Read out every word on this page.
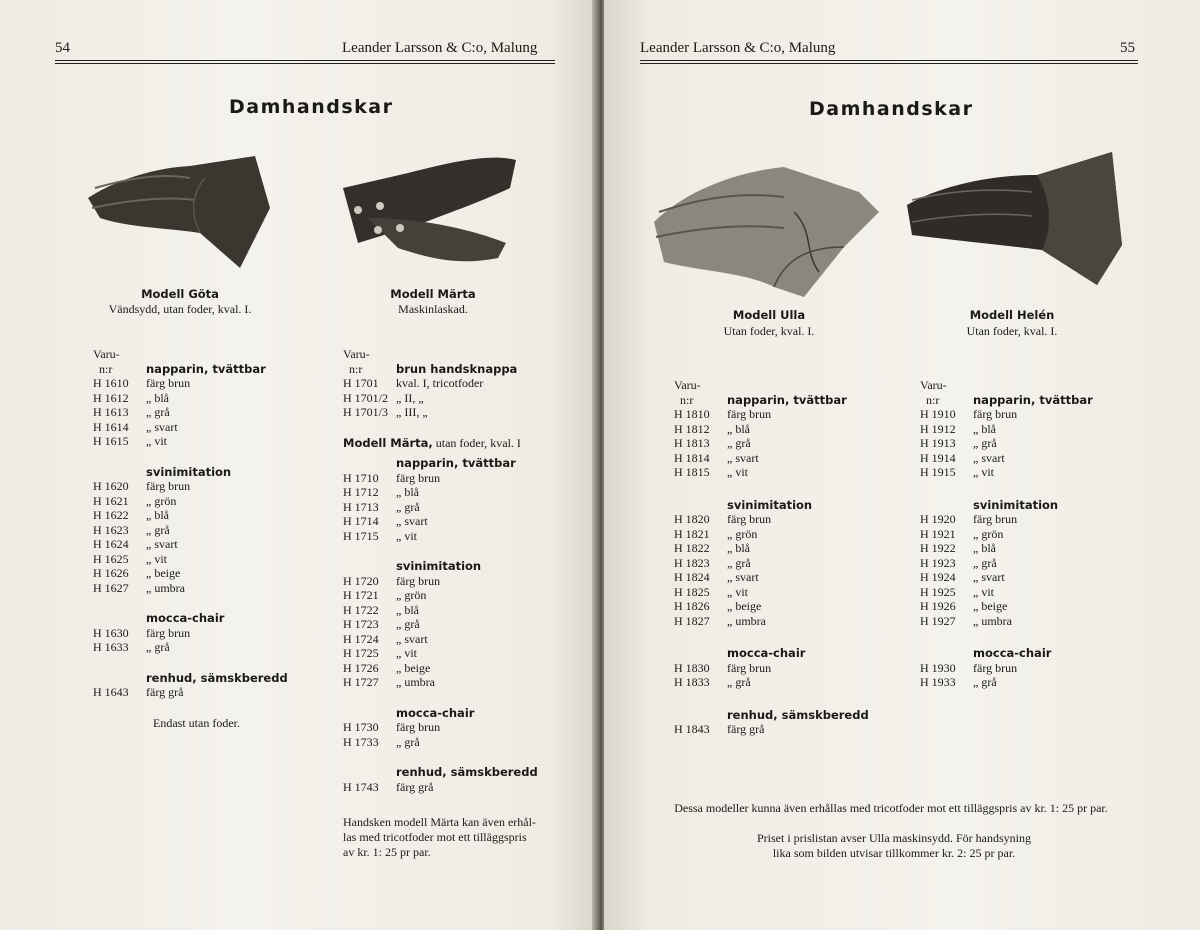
54	Leander Larsson & C:o, Malung
Damhandskar
Modell Göta
Vändsydd, utan foder, kval. I.
Varu-
n:r	napparin, tvättbar
H 1610	färg brun
H 1612	„ blå
H 1613	„ grå
H 1614	„ svart
H 1615	„ vit
svinimitation
H 1620	färg brun
H 1621	„ grön
H 1622	„ blå
H 1623	„ grå
H 1624	„ svart
H 1625	„ vit
H 1626	„ beige
H 1627	„ umbra
mocca-chair
H 1630	färg brun
H 1633	„ grå
renhud, sämskberedd
H 1643	färg grå
Endast utan foder.
Modell Märta
Maskinlaskad.
Varu-
n:r	brun handsknappa
H 1701	kval. I, tricotfoder
H 1701/2 „ II, „
H 1701/3 „ III, „
Modell Märta,
utan foder, kval. I
napparin, tvättbar
H 1710	färg brun
H 1712	„ blå
H 1713	„ grå
H 1714	„ svart
H 1715	„ vit
svinimitation
H 1720	färg brun
H 1721	„ grön
H 1722	„ blå
H 1723	„ grå
H 1724	„ svart
H 1725	„ vit
H 1726	„ beige
H 1727	„ umbra
mocca-chair
H 1730	färg brun
H 1733	„ grå
renhud, sämskberedd
H 1743	färg grå
Handsken modell Märta kan även erhål-
las med tricotfoder mot ett tilläggspris
av kr. 1: 25 pr par.
Leander Larsson & C:o, Malung	55
Damhandskar
Modell Ulla
Utan foder, kval. I.
Varu-
n:r	napparin, tvättbar
H 1810	färg brun
H 1812	„ blå
H 1813	„ grå
H 1814	„ svart
H 1815	„ vit
svinimitation
H 1820	färg brun
H 1821	„ grön
H 1822	„ blå
H 1823	„ grå
H 1824	„ svart
H 1825	„ vit
H 1826	„ beige
H 1827	„ umbra
mocca-chair
H 1830	färg brun
H 1833	„ grå
renhud, sämskberedd
H 1843	färg grå
Modell Helén
Utan foder, kval. I.
Varu-
n:r	napparin, tvättbar
H 1910	färg brun
H 1912	„ blå
H 1913	„ grå
H 1914	„ svart
H 1915	„ vit
svinimitation
H 1920	färg brun
H 1921	„ grön
H 1922	„ blå
H 1923	„ grå
H 1924	„ svart
H 1925	„ vit
H 1926	„ beige
H 1927	„ umbra
mocca-chair
H 1930	färg brun
H 1933	„ grå
Dessa modeller kunna även erhållas med tricotfoder mot ett tilläggspris av kr. 1: 25 pr par.
Priset i prislistan avser Ulla maskinsydd. För handsyning
lika som bilden utvisar tillkommer kr. 2: 25 pr par.
